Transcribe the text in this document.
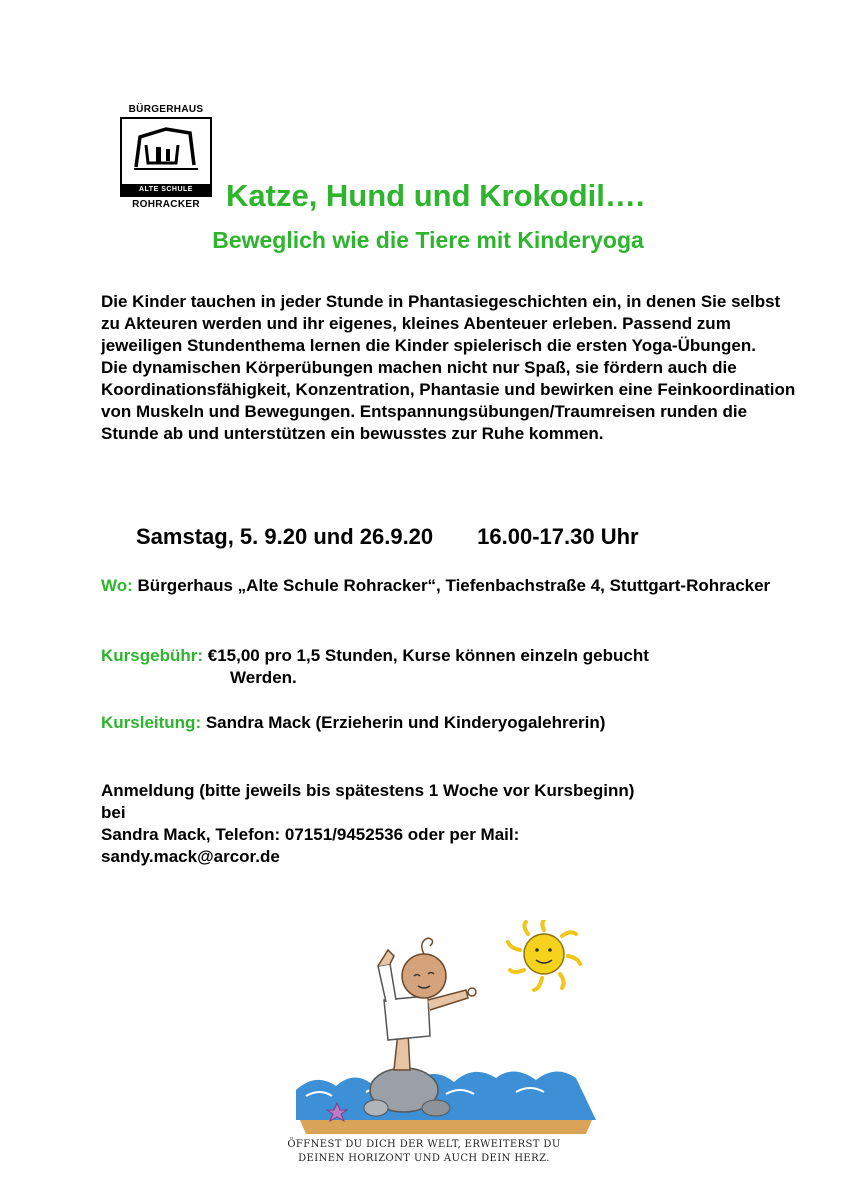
BÜRGERHAUS
ALTE SCHULE
ROHRACKER Katze, Hund und Krokodil….
Beweglich wie die Tiere mit Kinderyoga

Die Kinder tauchen in jeder Stunde in Phantasiegeschichten ein, in denen Sie selbst zu Akteuren werden und ihr eigenes, kleines Abenteuer erleben. Passend zum jeweiligen Stundenthema lernen die Kinder spielerisch die ersten Yoga-Übungen.

Die dynamischen Körperübungen machen nicht nur Spaß, sie fördern auch die Koordinationsfähigkeit, Konzentration, Phantasie und bewirken eine Feinkoordination von Muskeln und Bewegungen. Entspannungsübungen/Traumreisen runden die Stunde ab und unterstützen ein bewusstes zur Ruhe kommen.

Samstag, 5. 9.20 und 26.9.20 16.00-17.30 Uhr
Wo: Bürgerhaus „Alte Schule Rohracker“, Tiefenbachstraße 4, Stuttgart-Rohracker
Kursgebühr: €15,00 pro 1,5 Stunden, Kurse können einzeln gebucht
Werden.
Kursleitung: Sandra Mack (Erzieherin und Kinderyogalehrerin)
Anmeldung (bitte jeweils bis spätestens 1 Woche vor Kursbeginn)
bei
Sandra Mack, Telefon: 07151/9452536 oder per Mail:
sandy.mack@arcor.de
ÖFFNEST DU DICH DER WELT, ERWEITERST DU
DEINEN HORIZONT UND AUCH DEIN HERZ.
